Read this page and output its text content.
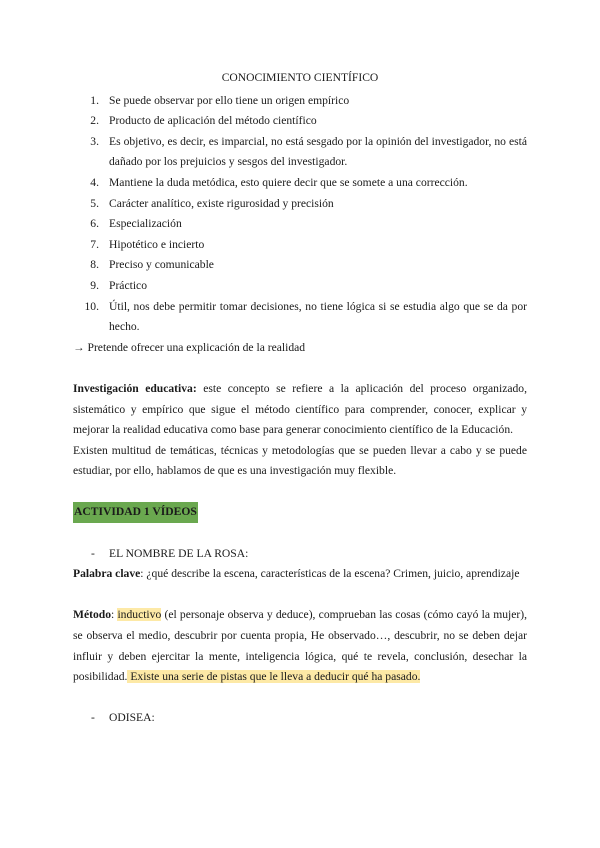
CONOCIMIENTO CIENTÍFICO
1. Se puede observar por ello tiene un origen empírico
2. Producto de aplicación del método científico
3. Es objetivo, es decir, es imparcial, no está sesgado por la opinión del investigador, no está dañado por los prejuicios y sesgos del investigador.
4. Mantiene la duda metódica, esto quiere decir que se somete a una corrección.
5. Carácter analítico, existe rigurosidad y precisión
6. Especialización
7. Hipotético e incierto
8. Preciso y comunicable
9. Práctico
10. Útil, nos debe permitir tomar decisiones, no tiene lógica si se estudia algo que se da por hecho.
→ Pretende ofrecer una explicación de la realidad

Investigación educativa: este concepto se refiere a la aplicación del proceso organizado, sistemático y empírico que sigue el método científico para comprender, conocer, explicar y mejorar la realidad educativa como base para generar conocimiento científico de la Educación.

Existen multitud de temáticas, técnicas y metodologías que se pueden llevar a cabo y se puede estudiar, por ello, hablamos de que es una investigación muy flexible.

ACTIVIDAD 1 VÍDEOS
- EL NOMBRE DE LA ROSA:

Palabra clave: ¿qué describe la escena, características de la escena? Crimen, juicio, aprendizaje

Método: inductivo (el personaje observa y deduce), comprueban las cosas (cómo cayó la mujer), se observa el medio, descubrir por cuenta propia, He observado…, descubrir, no se deben dejar influir y deben ejercitar la mente, inteligencia lógica, qué te revela, conclusión, desechar la posibilidad. Existe una serie de pistas que le lleva a deducir qué ha pasado.

- ODISEA:
